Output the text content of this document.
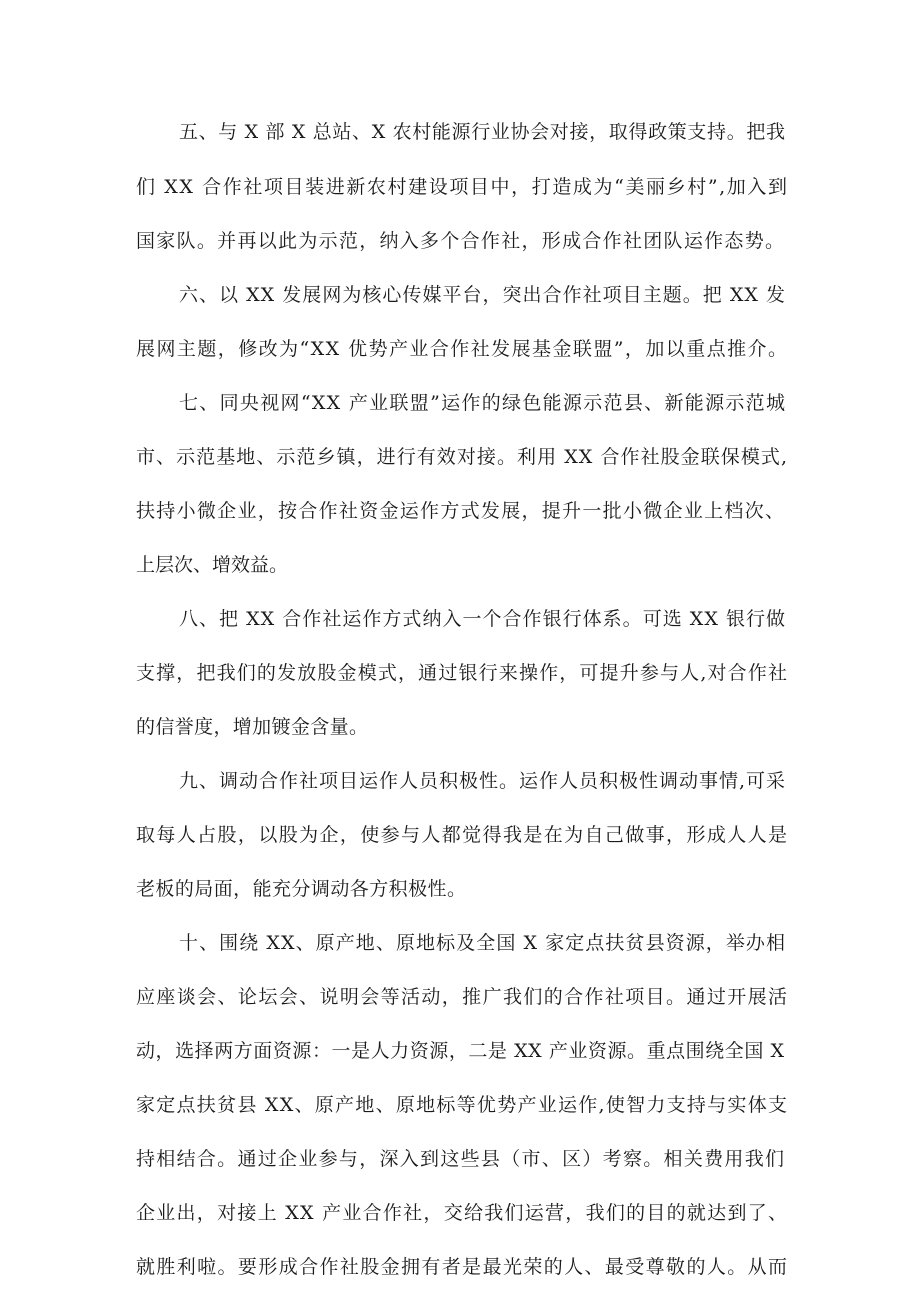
五、与 X 部 X 总站、X 农村能源行业协会对接，取得政策支持。把我
们 XX 合作社项目装进新农村建设项目中，打造成为“美丽乡村”,加入到
国家队。并再以此为示范，纳入多个合作社，形成合作社团队运作态势。
六、以 XX 发展网为核心传媒平台，突出合作社项目主题。把 XX 发
展网主题，修改为“XX 优势产业合作社发展基金联盟”，加以重点推介。
七、同央视网“XX 产业联盟”运作的绿色能源示范县、新能源示范城
市、示范基地、示范乡镇，进行有效对接。利用 XX 合作社股金联保模式,
扶持小微企业，按合作社资金运作方式发展，提升一批小微企业上档次、
上层次、增效益。
八、把 XX 合作社运作方式纳入一个合作银行体系。可选 XX 银行做
支撑，把我们的发放股金模式，通过银行来操作，可提升参与人,对合作社
的信誉度，增加镀金含量。
九、调动合作社项目运作人员积极性。运作人员积极性调动事情,可采
取每人占股，以股为企，使参与人都觉得我是在为自己做事，形成人人是
老板的局面，能充分调动各方积极性。
十、围绕 XX、原产地、原地标及全国 X 家定点扶贫县资源，举办相
应座谈会、论坛会、说明会等活动，推广我们的合作社项目。通过开展活
动，选择两方面资源：一是人力资源，二是 XX 产业资源。重点围绕全国 X
家定点扶贫县 XX、原产地、原地标等优势产业运作,使智力支持与实体支
持相结合。通过企业参与，深入到这些县（市、区）考察。相关费用我们
企业出，对接上 XX 产业合作社，交给我们运营，我们的目的就达到了、
就胜利啦。要形成合作社股金拥有者是最光荣的人、最受尊敬的人。从而
